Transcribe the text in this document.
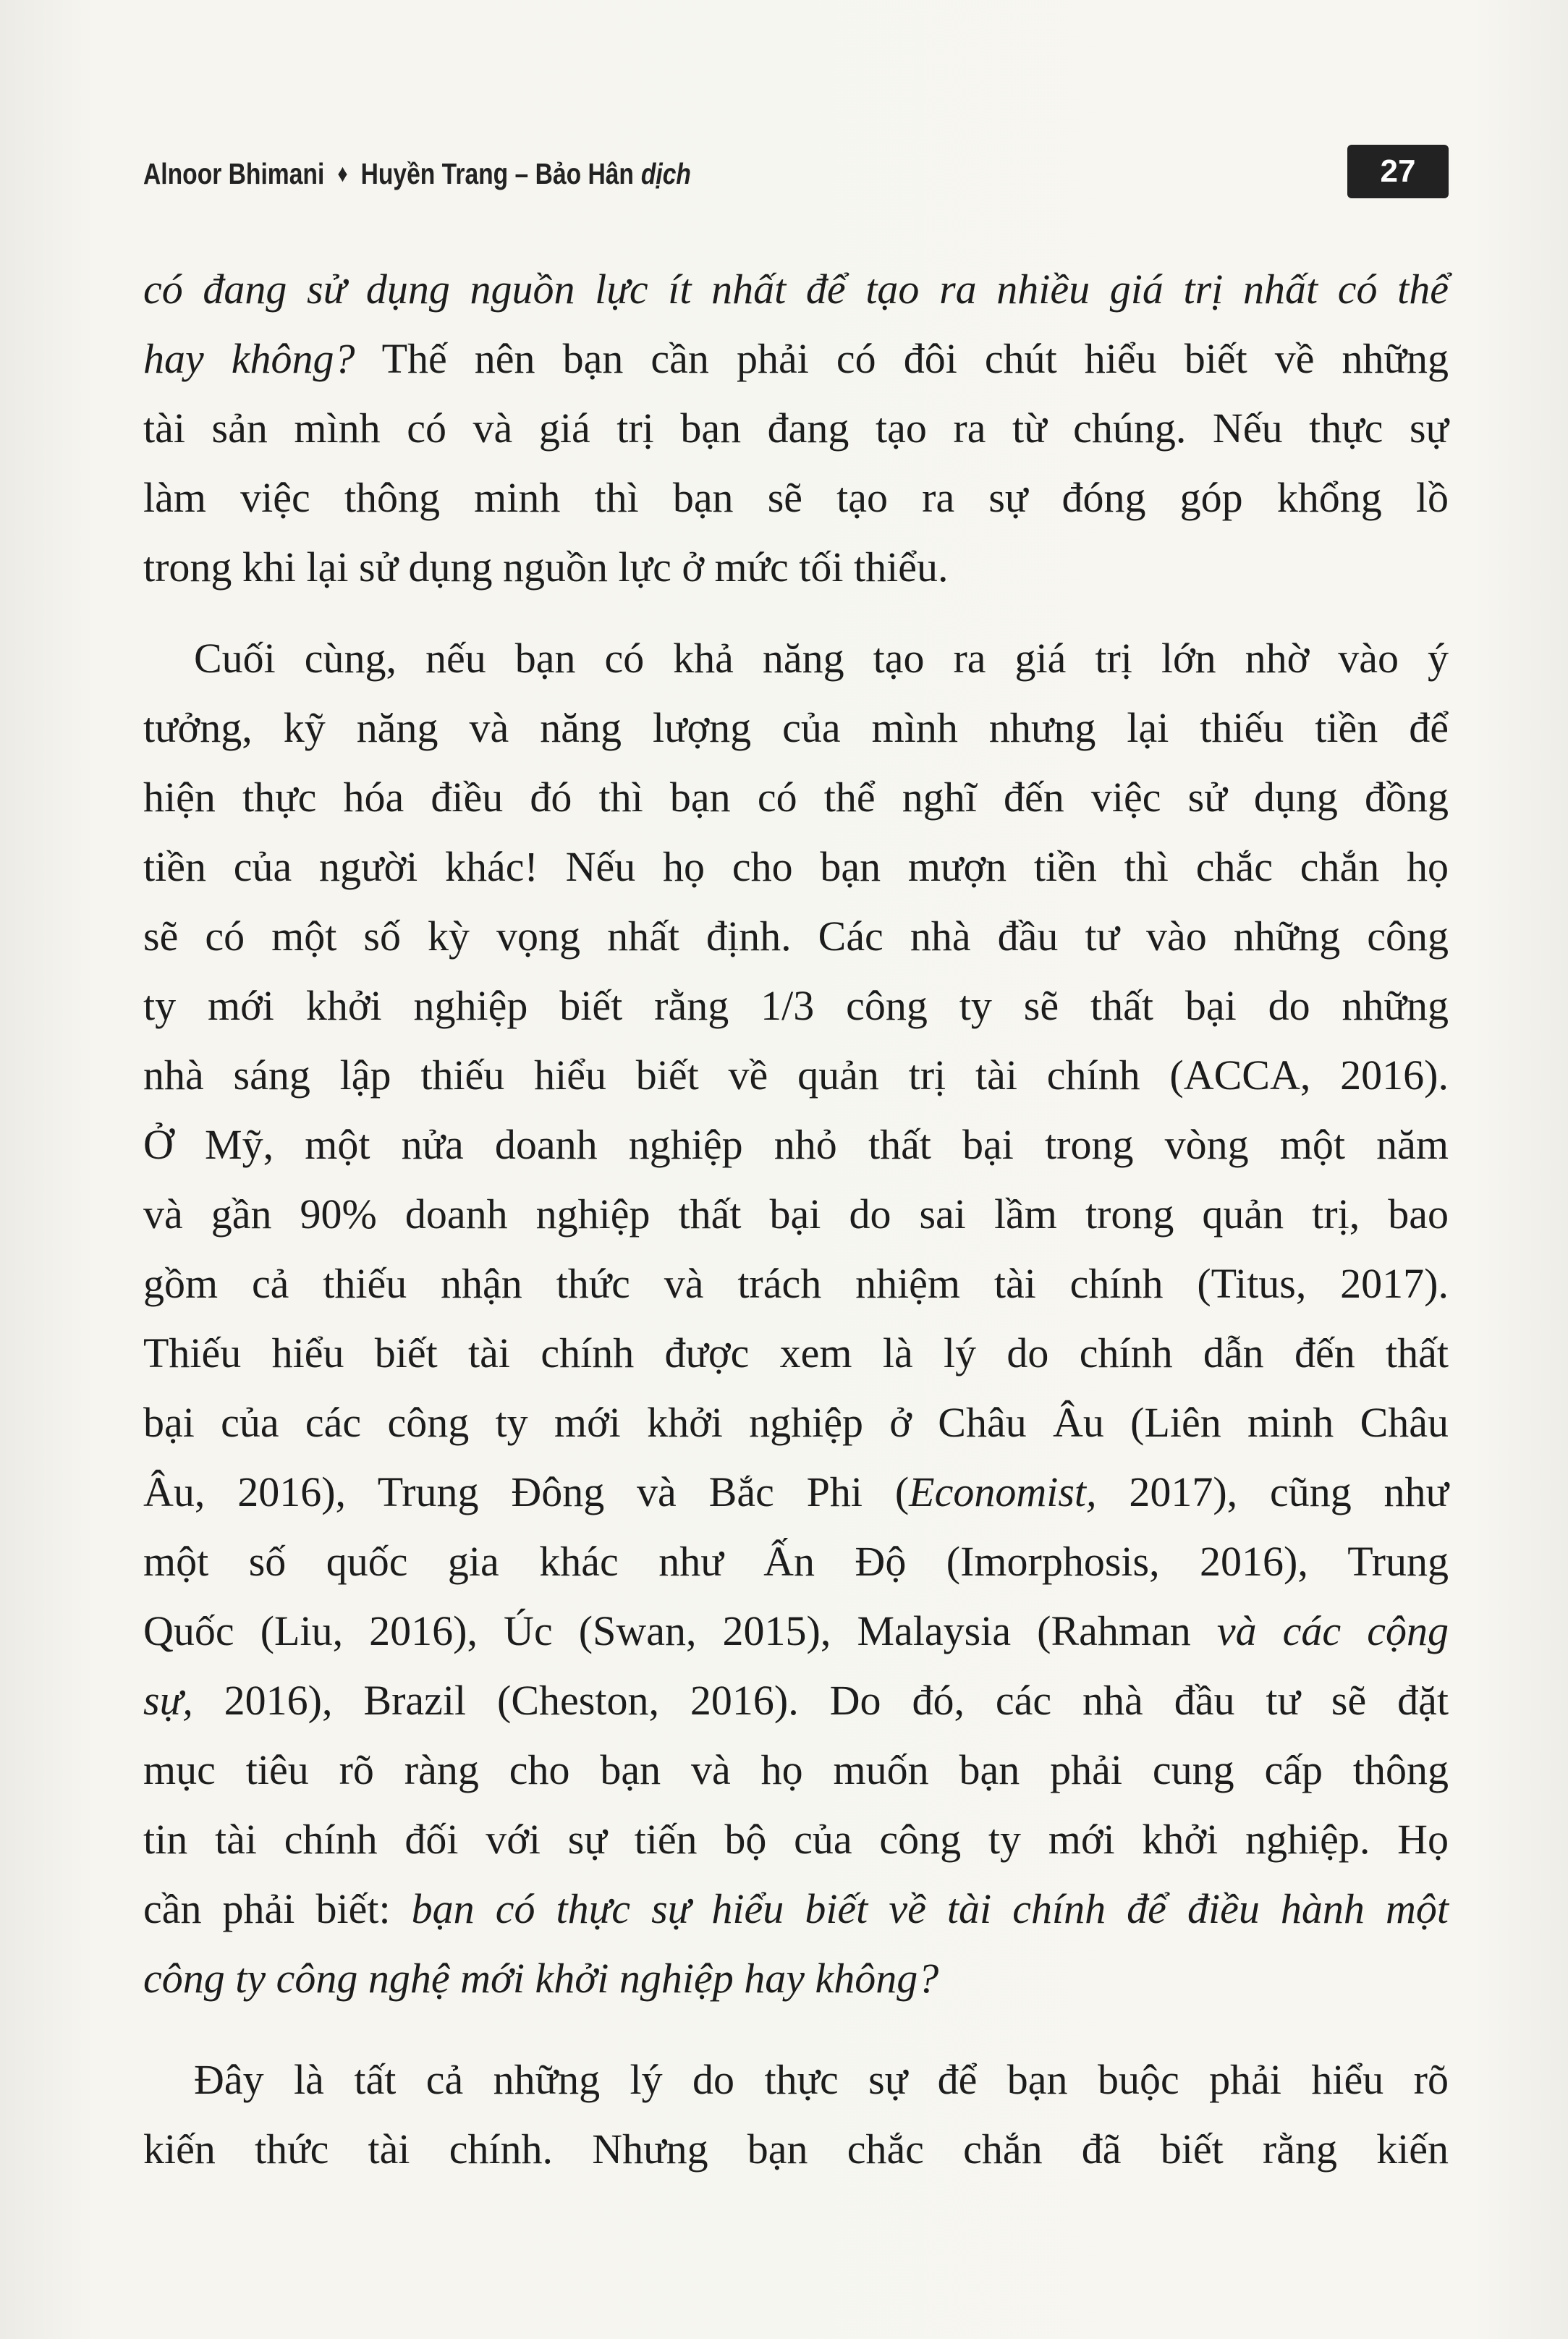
Alnoor Bhimani ♦ Huyền Trang – Bảo Hân dịch	27
có đang sử dụng nguồn lực ít nhất để tạo ra nhiều giá trị nhất có thể
hay không? Thế nên bạn cần phải có đôi chút hiểu biết về những
tài sản mình có và giá trị bạn đang tạo ra từ chúng. Nếu thực sự
làm việc thông minh thì bạn sẽ tạo ra sự đóng góp khổng lồ
trong khi lại sử dụng nguồn lực ở mức tối thiểu.
Cuối cùng, nếu bạn có khả năng tạo ra giá trị lớn nhờ vào ý
tưởng, kỹ năng và năng lượng của mình nhưng lại thiếu tiền để
hiện thực hóa điều đó thì bạn có thể nghĩ đến việc sử dụng đồng
tiền của người khác! Nếu họ cho bạn mượn tiền thì chắc chắn họ
sẽ có một số kỳ vọng nhất định. Các nhà đầu tư vào những công
ty mới khởi nghiệp biết rằng 1/3 công ty sẽ thất bại do những
nhà sáng lập thiếu hiểu biết về quản trị tài chính (ACCA, 2016).
Ở Mỹ, một nửa doanh nghiệp nhỏ thất bại trong vòng một năm
và gần 90% doanh nghiệp thất bại do sai lầm trong quản trị, bao
gồm cả thiếu nhận thức và trách nhiệm tài chính (Titus, 2017).
Thiếu hiểu biết tài chính được xem là lý do chính dẫn đến thất
bại của các công ty mới khởi nghiệp ở Châu Âu (Liên minh Châu
Âu, 2016), Trung Đông và Bắc Phi (Economist, 2017), cũng như
một số quốc gia khác như Ấn Độ (Imorphosis, 2016), Trung
Quốc (Liu, 2016), Úc (Swan, 2015), Malaysia (Rahman và các cộng
sự, 2016), Brazil (Cheston, 2016). Do đó, các nhà đầu tư sẽ đặt
mục tiêu rõ ràng cho bạn và họ muốn bạn phải cung cấp thông
tin tài chính đối với sự tiến bộ của công ty mới khởi nghiệp. Họ
cần phải biết: bạn có thực sự hiểu biết về tài chính để điều hành một
công ty công nghệ mới khởi nghiệp hay không?
Đây là tất cả những lý do thực sự để bạn buộc phải hiểu rõ
kiến thức tài chính. Nhưng bạn chắc chắn đã biết rằng kiến
